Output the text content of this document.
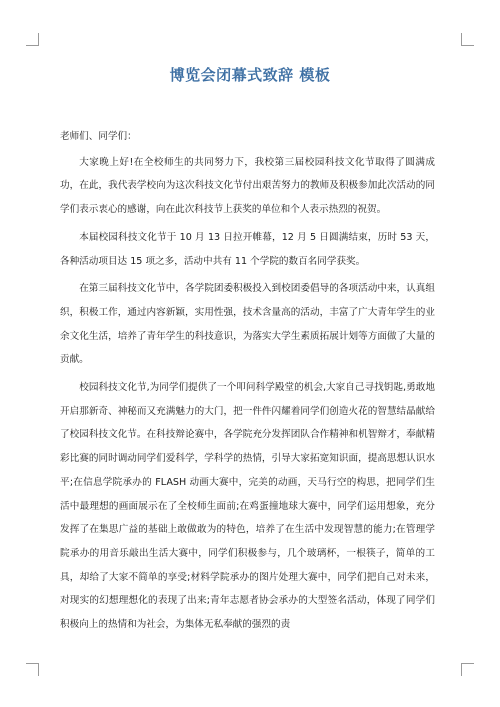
博览会闭幕式致辞 模板

老师们、同学们：

大家晚上好!在全校师生的共同努力下，我校第三届校园科技文化节取得了圆满成功，在此，我代表学校向为这次科技文化节付出艰苦努力的教师及积极参加此次活动的同学们表示衷心的感谢，向在此次科技节上获奖的单位和个人表示热烈的祝贺。

本届校园科技文化节于 10 月 13 日拉开帷幕，12 月 5 日圆满结束，历时 53 天，各种活动项目达 15 项之多，活动中共有 11 个学院的数百名同学获奖。

在第三届科技文化节中，各学院团委积极投入到校团委倡导的各项活动中来，认真组织，积极工作，通过内容新颖，实用性强，技术含量高的活动，丰富了广大青年学生的业余文化生活，培养了青年学生的科技意识，为落实大学生素质拓展计划等方面做了大量的贡献。

校园科技文化节,为同学们提供了一个叩问科学殿堂的机会,大家自己寻找钥匙,勇敢地开启那新奇、神秘而又充满魅力的大门，把一件件闪耀着同学们创造火花的智慧结晶献给了校园科技文化节。在科技辩论赛中，各学院充分发挥团队合作精神和机智辩才，奉献精彩比赛的同时调动同学们爱科学，学科学的热情，引导大家拓宽知识面，提高思想认识水平;在信息学院承办的 FLASH 动画大赛中，完美的动画，天马行空的构思，把同学们生活中最理想的画面展示在了全校师生面前;在鸡蛋撞地球大赛中，同学们运用想象，充分发挥了在集思广益的基础上敢做敢为的特色，培养了在生活中发现智慧的能力;在管理学院承办的用音乐敲出生活大赛中，同学们积极参与，几个玻璃杯，一根筷子，简单的工具，却给了大家不简单的享受;材料学院承办的图片处理大赛中，同学们把自己对未来，对现实的幻想理想化的表现了出来;青年志愿者协会承办的大型签名活动，体现了同学们积极向上的热情和为社会，为集体无私奉献的强烈的责
